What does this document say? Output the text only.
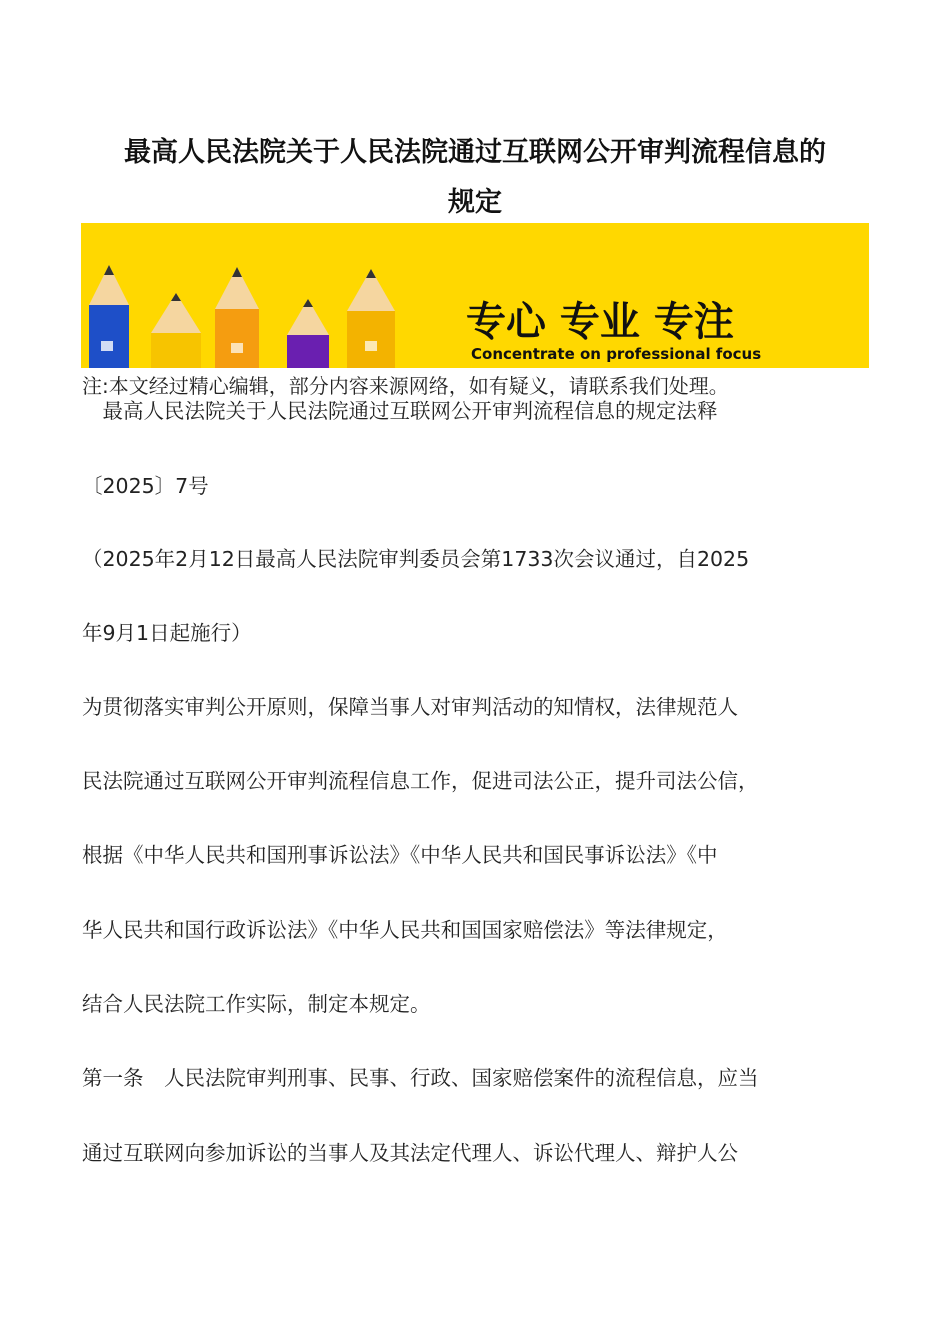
最高人民法院关于人民法院通过互联网公开审判流程信息的
规定
专心 专业 专注
Concentrate on professional focus
注:本文经过精心编辑，部分内容来源网络，如有疑义，请联系我们处理。

　最高人民法院关于人民法院通过互联网公开审判流程信息的规定法释

〔2025〕7号

（2025年2月12日最高人民法院审判委员会第1733次会议通过，自2025

年9月1日起施行）

为贯彻落实审判公开原则，保障当事人对审判活动的知情权，法律规范人

民法院通过互联网公开审判流程信息工作，促进司法公正，提升司法公信，

根据《中华人民共和国刑事诉讼法》《中华人民共和国民事诉讼法》《中

华人民共和国行政诉讼法》《中华人民共和国国家赔偿法》等法律规定，

结合人民法院工作实际，制定本规定。

第一条　人民法院审判刑事、民事、行政、国家赔偿案件的流程信息，应当

通过互联网向参加诉讼的当事人及其法定代理人、诉讼代理人、辩护人公
